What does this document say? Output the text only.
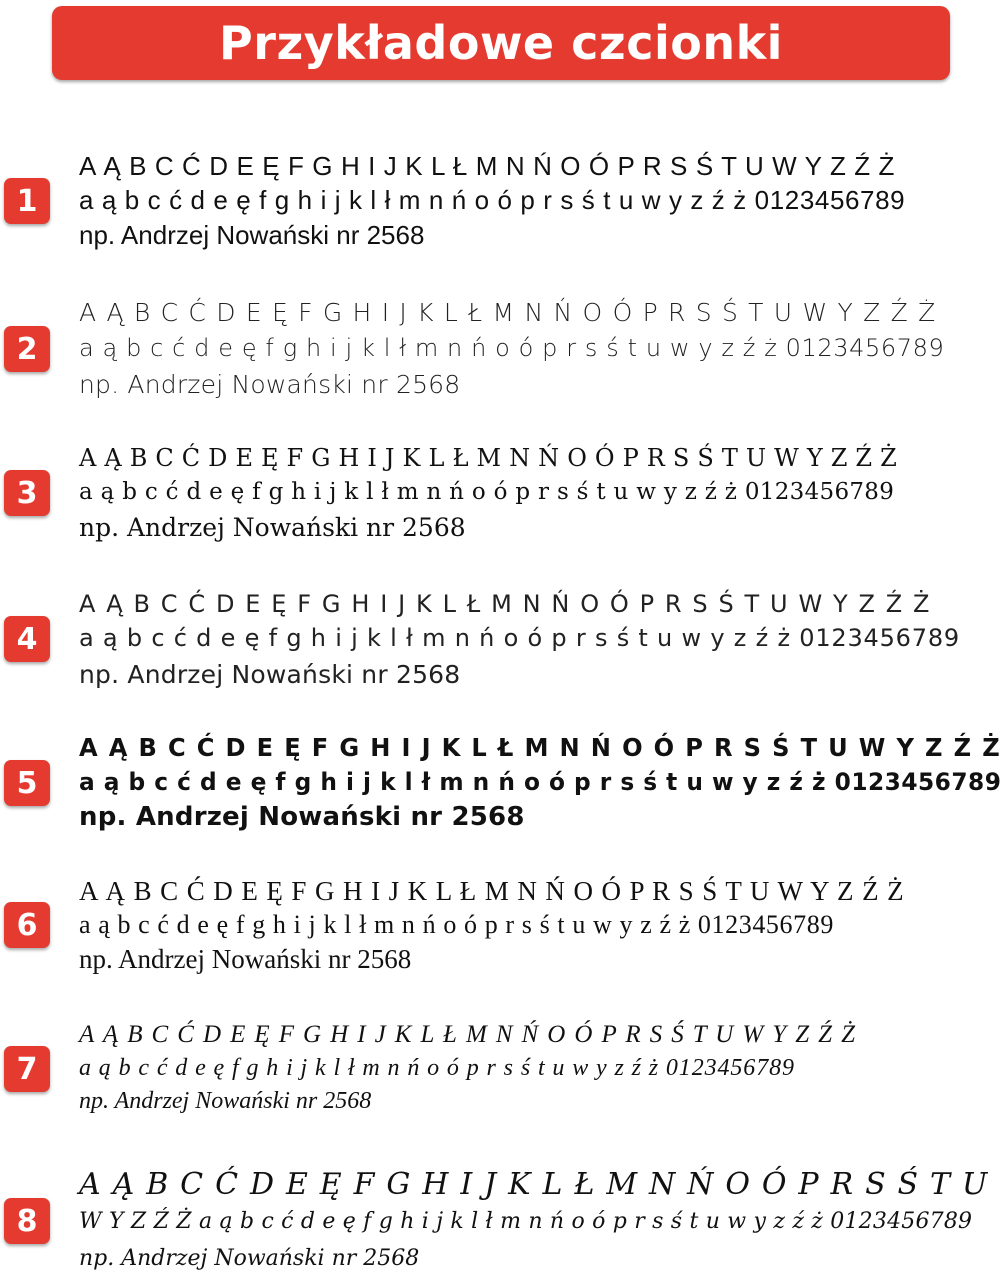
Przykładowe czcionki
1
A Ą B C Ć D E Ę F G H I J K L Ł M N Ń O Ó P R S Ś T U W Y Z Ź Ż
a ą b c ć d e ę f g h i j k l ł m n ń o ó p r s ś t u w y z ź ż 0123456789
np. Andrzej Nowański nr 2568
2
A Ą B C Ć D E Ę F G H I J K L Ł M N Ń O Ó P R S Ś T U W Y Z Ź Ż
a ą b c ć d e ę f g h i j k l ł m n ń o ó p r s ś t u w y z ź ż 0123456789
np. Andrzej Nowański nr 2568
3
A Ą B C Ć D E Ę F G H I J K L Ł M N Ń O Ó P R S Ś T U W Y Z Ź Ż
a ą b c ć d e ę f g h i j k l ł m n ń o ó p r s ś t u w y z ź ż 0123456789
np. Andrzej Nowański nr 2568
4
A Ą B C Ć D E Ę F G H I J K L Ł M N Ń O Ó P R S Ś T U W Y Z Ź Ż
a ą b c ć d e ę f g h i j k l ł m n ń o ó p r s ś t u w y z ź ż 0123456789
np. Andrzej Nowański nr 2568
5
A Ą B C Ć D E Ę F G H I J K L Ł M N Ń O Ó P R S Ś T U W Y Z Ź Ż
a ą b c ć d e ę f g h i j k l ł m n ń o ó p r s ś t u w y z ź ż 0123456789
np. Andrzej Nowański nr 2568
6
A Ą B C Ć D E Ę F G H I J K L Ł M N Ń O Ó P R S Ś T U W Y Z Ź Ż
a ą b c ć d e ę f g h i j k l ł m n ń o ó p r s ś t u w y z ź ż 0123456789
np. Andrzej Nowański nr 2568
7
A Ą B C Ć D E Ę F G H I J K L Ł M N Ń O Ó P R S Ś T U W Y Z Ź Ż
a ą b c ć d e ę f g h i j k l ł m n ń o ó p r s ś t u w y z ź ż 0123456789
np. Andrzej Nowański nr 2568
8
A Ą B C Ć D E Ę F G H I J K L Ł M N Ń O Ó P R S Ś T U
W Y Z Ź Ż a ą b c ć d e ę f g h i j k l ł m n ń o ó p r s ś t u w y z ź ż 0123456789
np. Andrzej Nowański nr 2568
